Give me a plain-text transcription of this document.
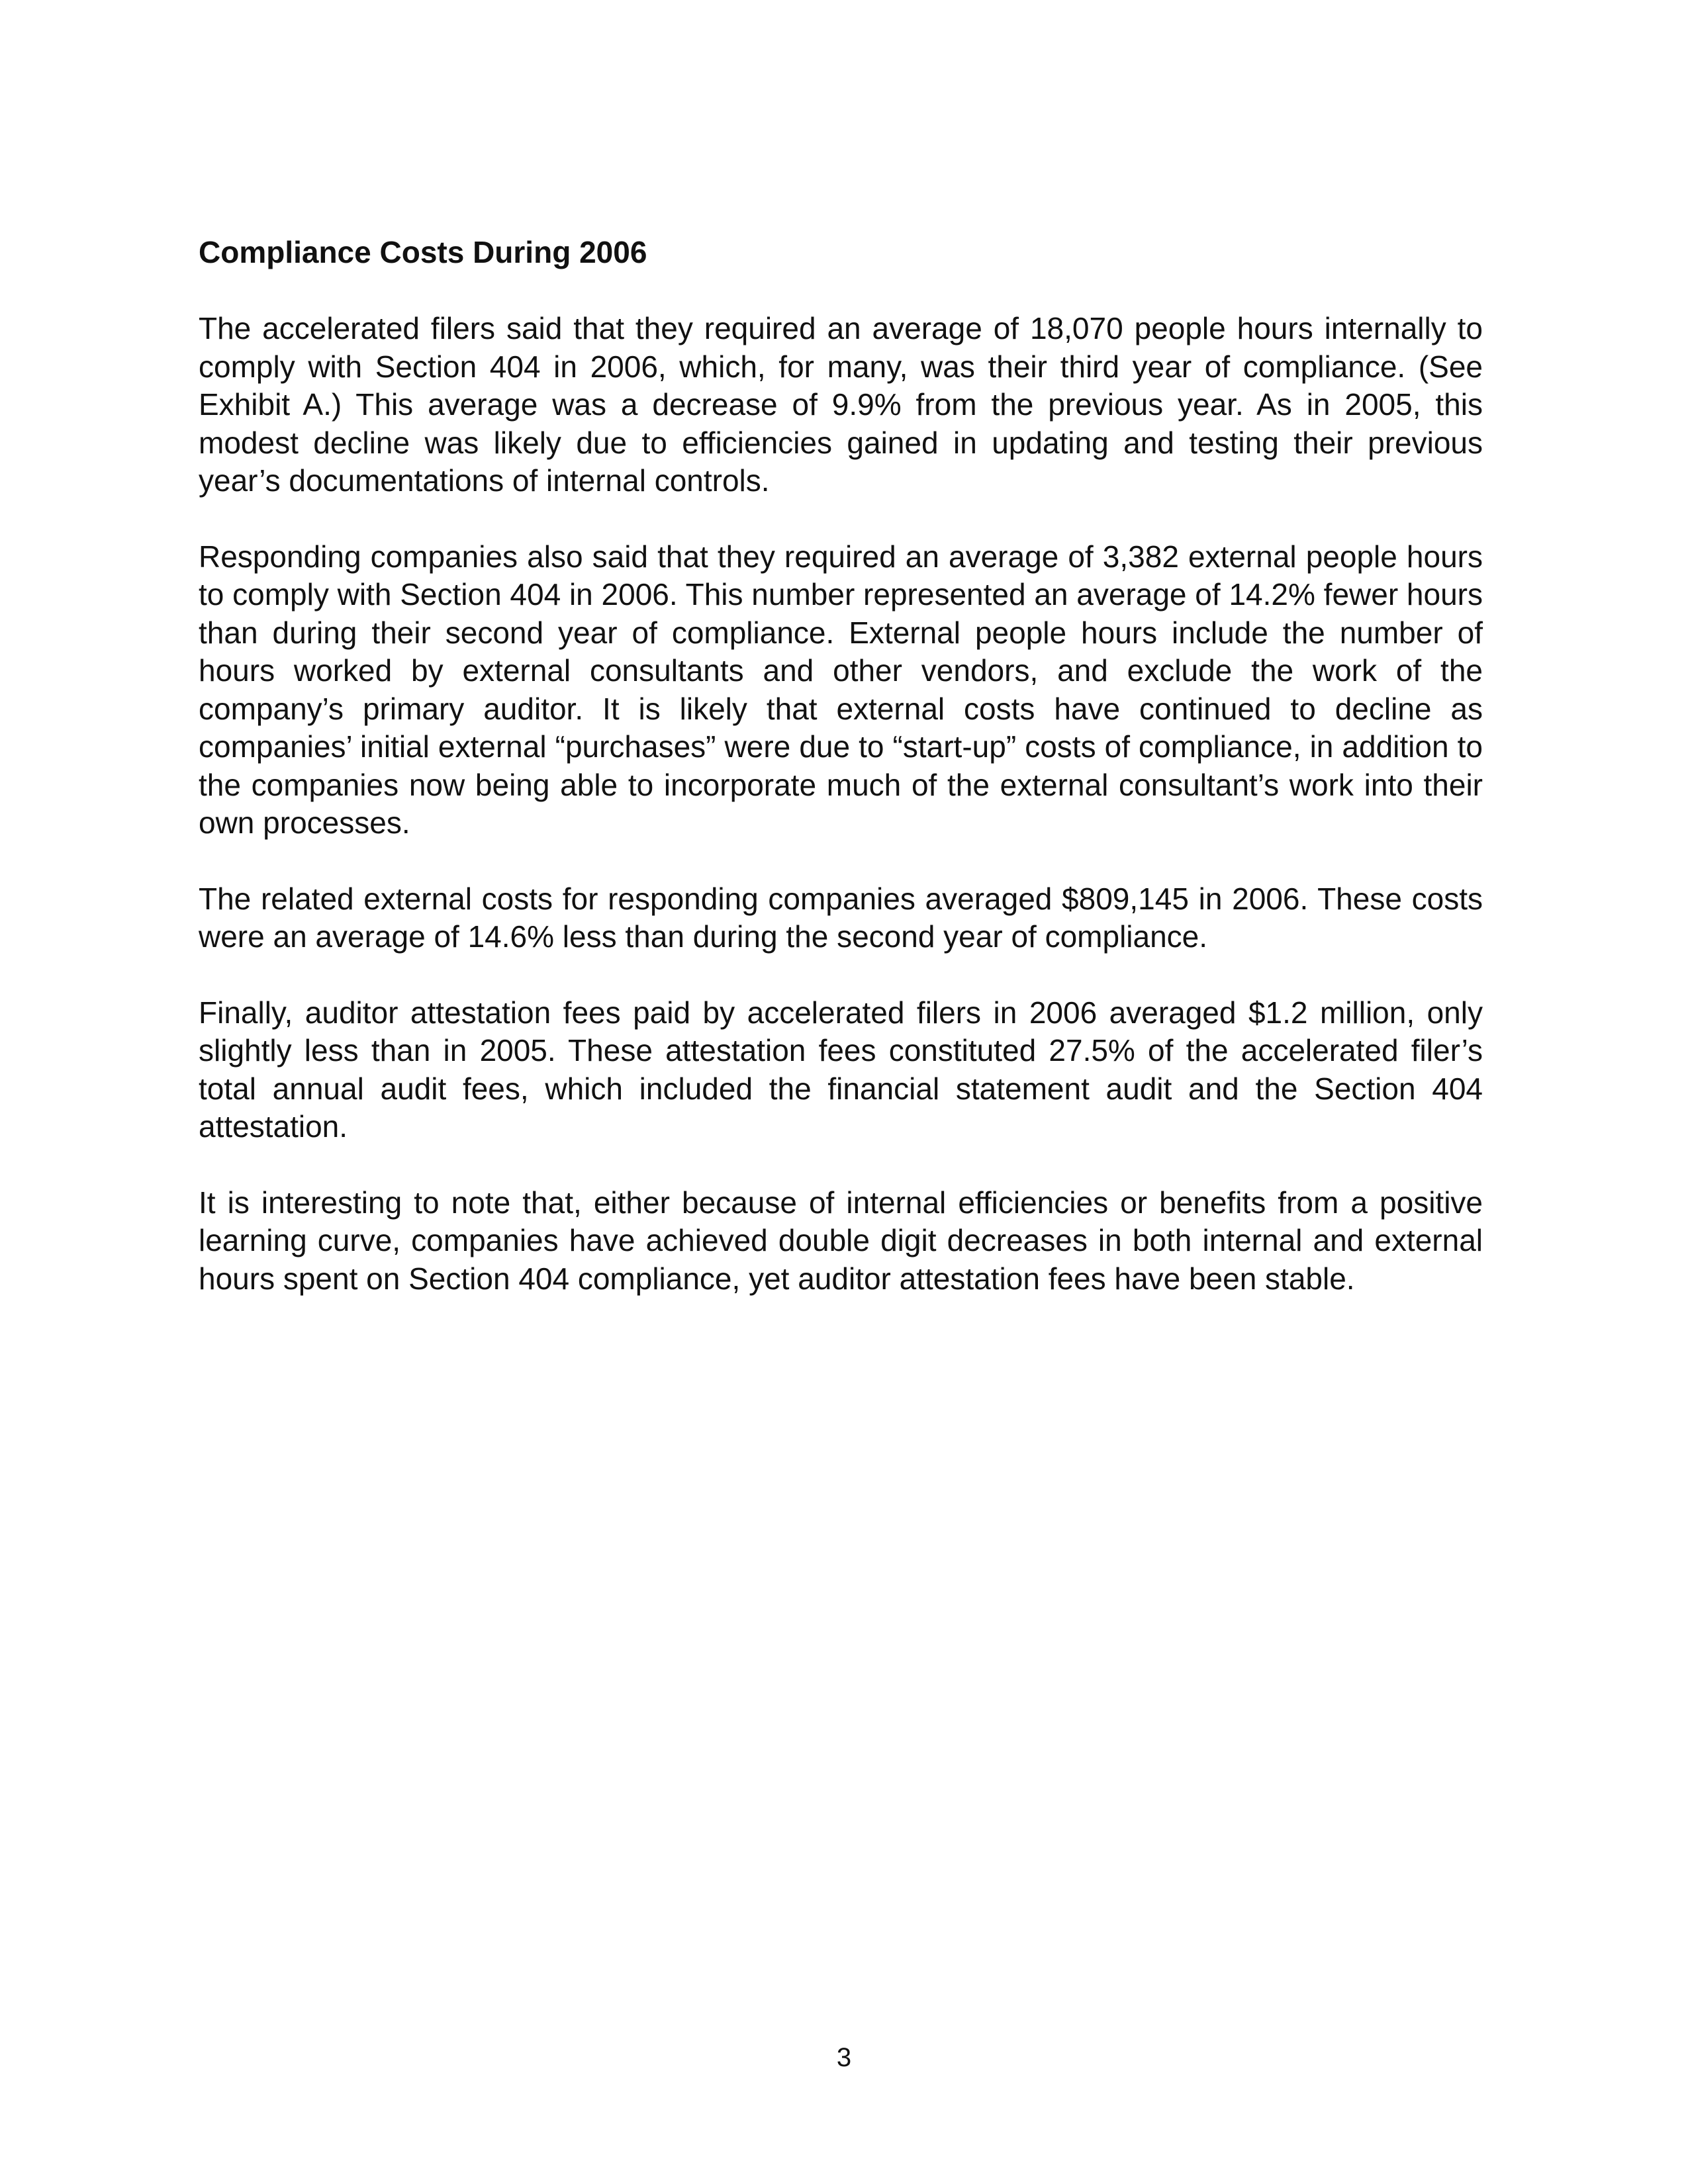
Compliance Costs During 2006

The accelerated filers said that they required an average of 18,070 people hours internally to comply with Section 404 in 2006, which, for many, was their third year of compliance. (See Exhibit A.) This average was a decrease of 9.9% from the previous year. As in 2005, this modest decline was likely due to efficiencies gained in updating and testing their previous year’s documentations of internal controls.

Responding companies also said that they required an average of 3,382 external people hours to comply with Section 404 in 2006. This number represented an average of 14.2% fewer hours than during their second year of compliance. External people hours include the number of hours worked by external consultants and other vendors, and exclude the work of the company’s primary auditor. It is likely that external costs have continued to decline as companies’ initial external “purchases” were due to “start-up” costs of compliance, in addition to the companies now being able to incorporate much of the external consultant’s work into their own processes.

The related external costs for responding companies averaged $809,145 in 2006. These costs were an average of 14.6% less than during the second year of compliance.

Finally, auditor attestation fees paid by accelerated filers in 2006 averaged $1.2 million, only slightly less than in 2005. These attestation fees constituted 27.5% of the accelerated filer’s total annual audit fees, which included the financial statement audit and the Section 404 attestation.

It is interesting to note that, either because of internal efficiencies or benefits from a positive learning curve, companies have achieved double digit decreases in both internal and external hours spent on Section 404 compliance, yet auditor attestation fees have been stable.

3
